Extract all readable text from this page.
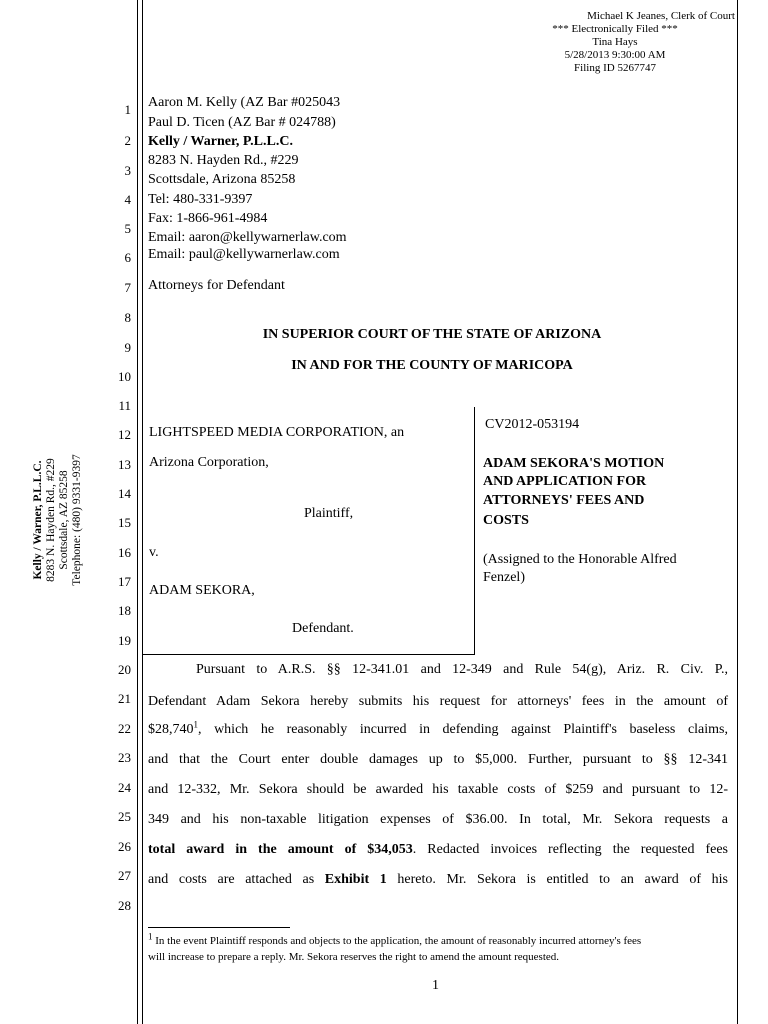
Michael K Jeanes, Clerk of Court
*** Electronically Filed ***
Tina Hays
5/28/2013 9:30:00 AM
Filing ID 5267747
Kelly / Warner, P.L.L.C. 8283 N. Hayden Rd., #229 Scottsdale, AZ 85258 Telephone: (480) 9331-9397
1
2
3
4
5
6
7
8
9
10
11
12
13
14
15
16
17
18
19
20
21
22
23
24
25
26
27
28
Aaron M. Kelly (AZ Bar #025043
Paul D. Ticen (AZ Bar # 024788)
Kelly / Warner, P.L.L.C.
8283 N. Hayden Rd., #229
Scottsdale, Arizona 85258
Tel: 480-331-9397
Fax: 1-866-961-4984
Email: aaron@kellywarnerlaw.com
Email: paul@kellywarnerlaw.com
Attorneys for Defendant
IN SUPERIOR COURT OF THE STATE OF ARIZONA
IN AND FOR THE COUNTY OF MARICOPA
LIGHTSPEED MEDIA CORPORATION, an
Arizona Corporation,
Plaintiff,
v.
ADAM SEKORA,
Defendant.
CV2012-053194
ADAM SEKORA'S MOTION
AND APPLICATION FOR
ATTORNEYS' FEES AND
COSTS
(Assigned to the Honorable Alfred
Fenzel)
Pursuant to A.R.S. §§ 12-341.01 and 12-349 and Rule 54(g), Ariz. R. Civ. P.,
Defendant Adam Sekora hereby submits his request for attorneys' fees in the amount of
$28,740$^1$, which he reasonably incurred in defending against Plaintiff's baseless claims,
and that the Court enter double damages up to $5,000. Further, pursuant to §§ 12-341
and 12-332, Mr. Sekora should be awarded his taxable costs of $259 and pursuant to 12-
349 and his non-taxable litigation expenses of $36.00. In total, Mr. Sekora requests a
total award in the amount of $34,053. Redacted invoices reflecting the requested fees
and costs are attached as Exhibit 1 hereto. Mr. Sekora is entitled to an award of his
$^1$ In the event Plaintiff responds and objects to the application, the amount of reasonably incurred attorney's fees
will increase to prepare a reply. Mr. Sekora reserves the right to amend the amount requested.
1
